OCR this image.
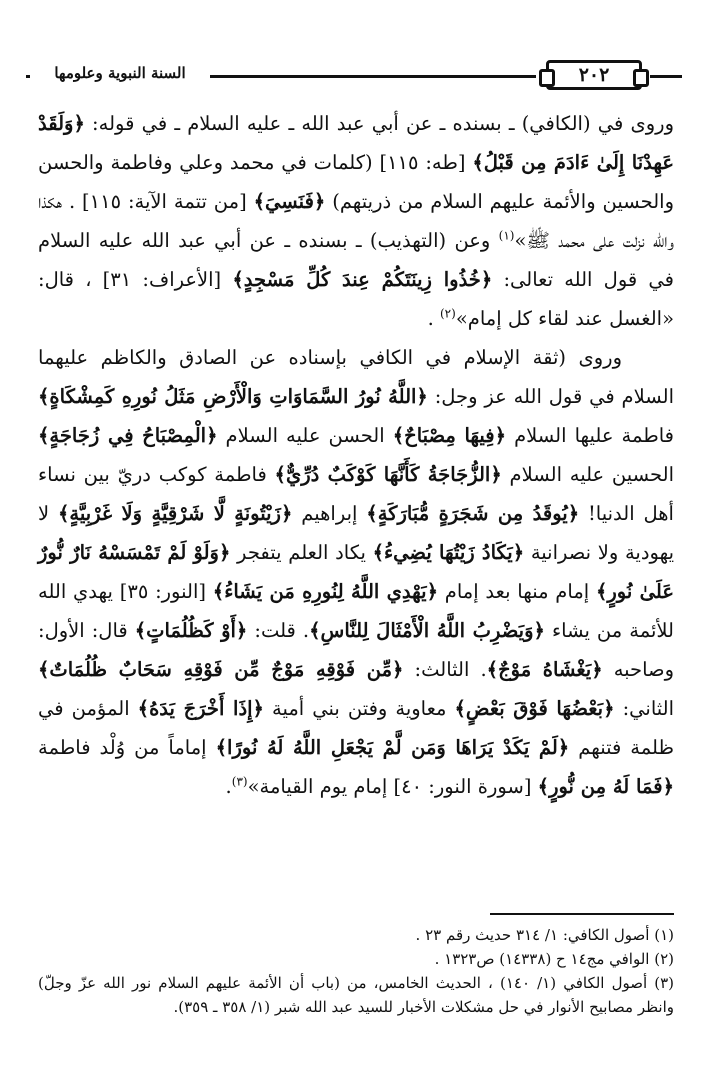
السنة النبوية وعلومها	٢٠٢

وروى في (الكافي) ـ بسنده ـ عن أبي عبد الله ـ عليه السلام ـ في قوله: ﴿وَلَقَدْ عَهِدْنَا إِلَىٰ ءَادَمَ مِن قَبْلُ﴾ [طه: ١١٥] (كلمات في محمد وعلي وفاطمة والحسن والحسين والأئمة عليهم السلام من ذريتهم) ﴿فَنَسِيَ﴾ [من تتمة الآية: ١١٥] . هكذا والله نزلت على محمد ﷺ»$^{(١)}$ وعن (التهذيب) ـ بسنده ـ عن أبي عبد الله عليه السلام في قول الله تعالى: ﴿خُذُوا زِينَتَكُمْ عِندَ كُلِّ مَسْجِدٍ﴾ [الأعراف: ٣١] ، قال: «الغسل عند لقاء كل إمام»$^{(٢)}$ .

وروى (ثقة الإسلام في الكافي بإسناده عن الصادق والكاظم عليهما السلام في قول الله عز وجل: ﴿اللَّهُ نُورُ السَّمَاوَاتِ وَالْأَرْضِ مَثَلُ نُورِهِ كَمِشْكَاةٍ﴾ فاطمة عليها السلام ﴿فِيهَا مِصْبَاحٌ﴾ الحسن عليه السلام ﴿الْمِصْبَاحُ فِي زُجَاجَةٍ﴾ الحسين عليه السلام ﴿الزُّجَاجَةُ كَأَنَّهَا كَوْكَبٌ دُرِّيٌّ﴾ فاطمة كوكب دريّ بين نساء أهل الدنيا! ﴿يُوقَدُ مِن شَجَرَةٍ مُّبَارَكَةٍ﴾ إبراهيم ﴿زَيْتُونَةٍ لَّا شَرْقِيَّةٍ وَلَا غَرْبِيَّةٍ﴾ لا يهودية ولا نصرانية ﴿يَكَادُ زَيْتُهَا يُضِيءُ﴾ يكاد العلم يتفجر ﴿وَلَوْ لَمْ تَمْسَسْهُ نَارٌ نُّورٌ عَلَىٰ نُورٍ﴾ إمام منها بعد إمام ﴿يَهْدِي اللَّهُ لِنُورِهِ مَن يَشَاءُ﴾ [النور: ٣٥] يهدي الله للأئمة من يشاء ﴿وَيَضْرِبُ اللَّهُ الْأَمْثَالَ لِلنَّاسِ﴾. قلت: ﴿أَوْ كَظُلُمَاتٍ﴾ قال: الأول: وصاحبه ﴿يَغْشَاهُ مَوْجٌ﴾. الثالث: ﴿مِّن فَوْقِهِ مَوْجٌ مِّن فَوْقِهِ سَحَابٌ ظُلُمَاتٌ﴾ الثاني: ﴿بَعْضُهَا فَوْقَ بَعْضٍ﴾ معاوية وفتن بني أمية ﴿إِذَا أَخْرَجَ يَدَهُ﴾ المؤمن في ظلمة فتنهم ﴿لَمْ يَكَدْ يَرَاهَا وَمَن لَّمْ يَجْعَلِ اللَّهُ لَهُ نُورًا﴾ إماماً من وُلْد فاطمة ﴿فَمَا لَهُ مِن نُّورٍ﴾ [سورة النور: ٤٠] إمام يوم القيامة»$^{(٣)}$.

(١) أصول الكافي: ١/ ٣١٤ حديث رقم ٢٣ .
(٢) الوافي مج١٤ ح (١٤٣٣٨) ص١٣٢٣ .
(٣) أصول الكافي (١/ ١٤٠) ، الحديث الخامس، من (باب أن الأئمة عليهم السلام نور الله عزّ وجلّ) وانظر مصابيح الأنوار في حل مشكلات الأخبار للسيد عبد الله شبر (١/ ٣٥٨ ـ ٣٥٩).
